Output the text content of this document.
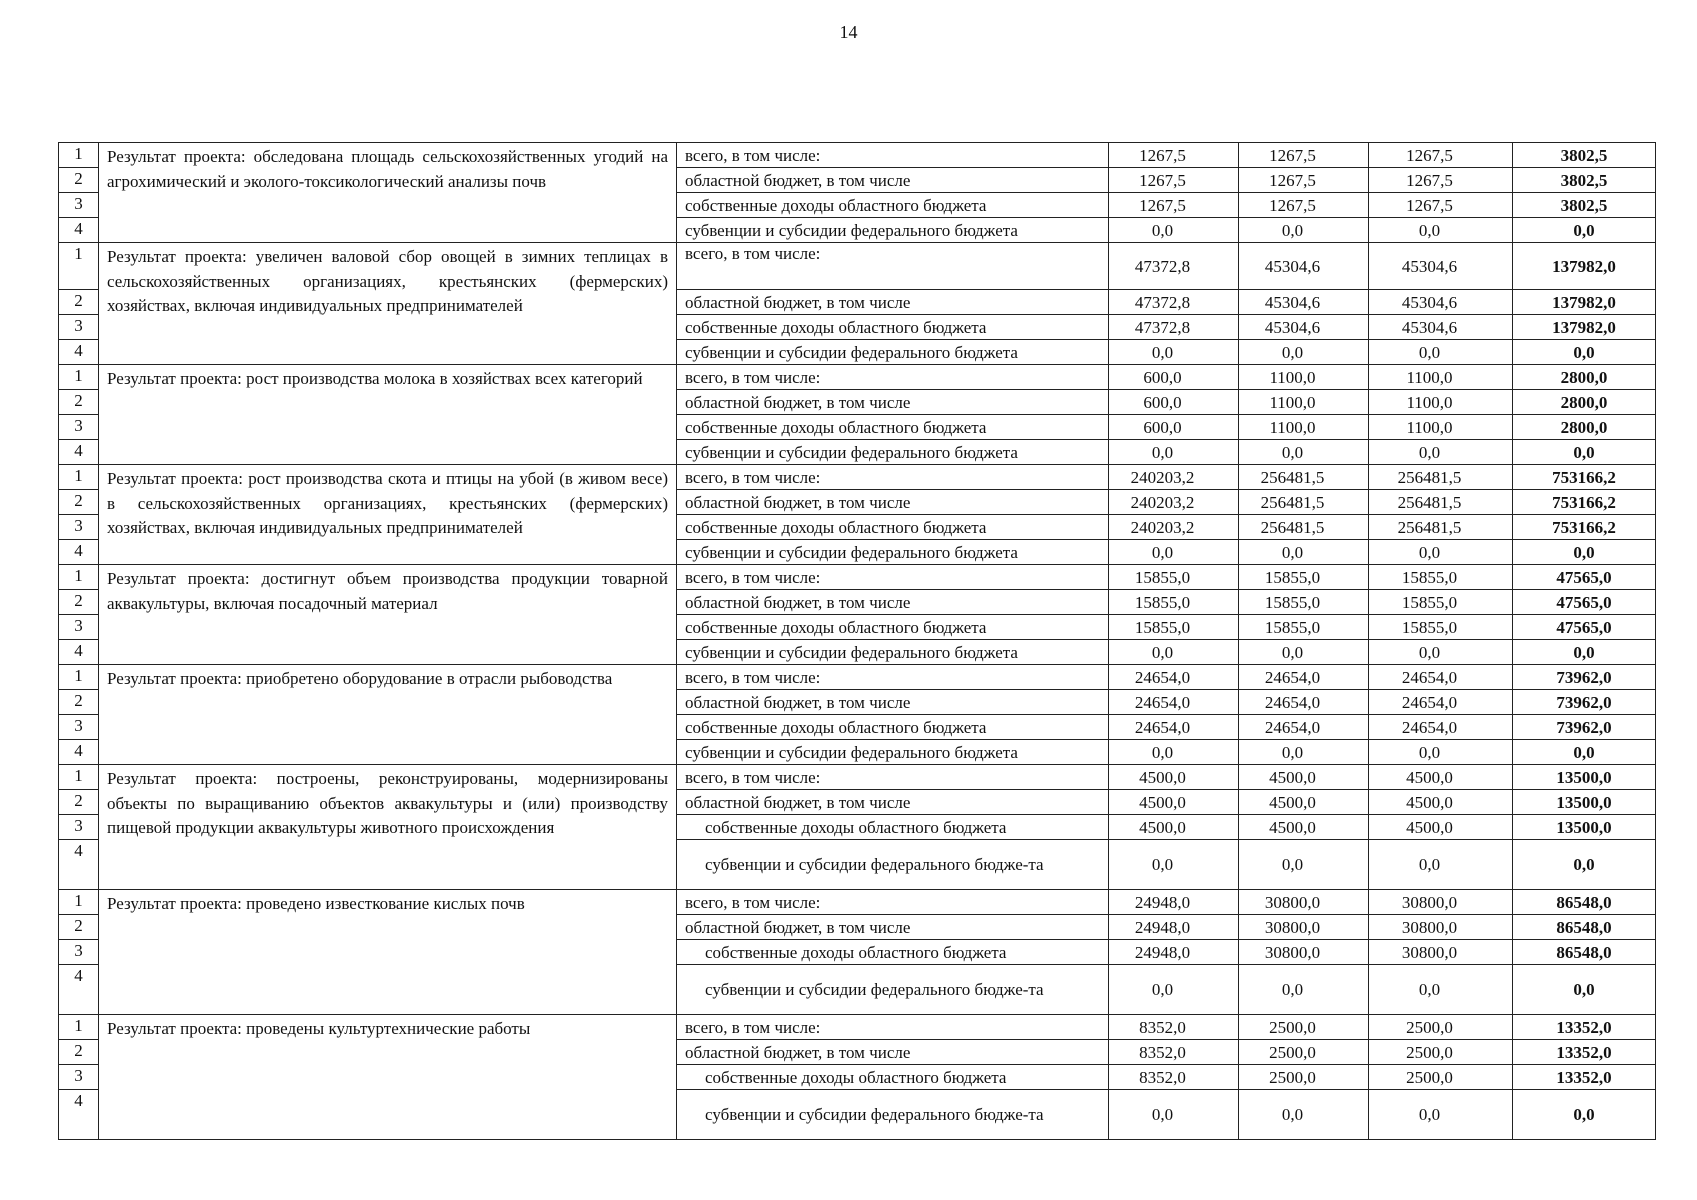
14
1	Результат проекта: обследована площадь сельскохозяйственных угодий на агрохимический и эколого-токсикологический анализы почв	всего, в том числе:	1267,5	1267,5	1267,5	3802,5
2		областной бюджет, в том числе	1267,5	1267,5	1267,5	3802,5
3		собственные доходы областного бюджета	1267,5	1267,5	1267,5	3802,5
4		субвенции и субсидии федерального бюджета	0,0	0,0	0,0	0,0
1	Результат проекта: увеличен валовой сбор овощей в зимних теплицах в сельскохозяйственных организациях, крестьянских (фермерских) хозяйствах, включая индивидуальных предпринимателей	всего, в том числе:	47372,8	45304,6	45304,6	137982,0
2		областной бюджет, в том числе	47372,8	45304,6	45304,6	137982,0
3		собственные доходы областного бюджета	47372,8	45304,6	45304,6	137982,0
4		субвенции и субсидии федерального бюджета	0,0	0,0	0,0	0,0
1	Результат проекта: рост производства молока в хозяйствах всех категорий	всего, в том числе:	600,0	1100,0	1100,0	2800,0
2		областной бюджет, в том числе	600,0	1100,0	1100,0	2800,0
3		собственные доходы областного бюджета	600,0	1100,0	1100,0	2800,0
4		субвенции и субсидии федерального бюджета	0,0	0,0	0,0	0,0
1	Результат проекта: рост производства скота и птицы на убой (в живом весе) в сельскохозяйственных организациях, крестьянских (фермерских) хозяйствах, включая индивидуальных предпринимателей	всего, в том числе:	240203,2	256481,5	256481,5	753166,2
2		областной бюджет, в том числе	240203,2	256481,5	256481,5	753166,2
3		собственные доходы областного бюджета	240203,2	256481,5	256481,5	753166,2
4		субвенции и субсидии федерального бюджета	0,0	0,0	0,0	0,0
1	Результат проекта: достигнут объем производства продукции товарной аквакультуры, включая посадочный материал	всего, в том числе:	15855,0	15855,0	15855,0	47565,0
2		областной бюджет, в том числе	15855,0	15855,0	15855,0	47565,0
3		собственные доходы областного бюджета	15855,0	15855,0	15855,0	47565,0
4		субвенции и субсидии федерального бюджета	0,0	0,0	0,0	0,0
1	Результат проекта: приобретено оборудование в отрасли рыбоводства	всего, в том числе:	24654,0	24654,0	24654,0	73962,0
2		областной бюджет, в том числе	24654,0	24654,0	24654,0	73962,0
3		собственные доходы областного бюджета	24654,0	24654,0	24654,0	73962,0
4		субвенции и субсидии федерального бюджета	0,0	0,0	0,0	0,0
1	Результат проекта: построены, реконструированы, модернизированы объекты по выращиванию объектов аквакультуры и (или) производству пищевой продукции аквакультуры животного происхождения	всего, в том числе:	4500,0	4500,0	4500,0	13500,0
2		областной бюджет, в том числе	4500,0	4500,0	4500,0	13500,0
3		собственные доходы областного бюджета	4500,0	4500,0	4500,0	13500,0
4		субвенции и субсидии федерального бюдже-та	0,0	0,0	0,0	0,0
1	Результат проекта: проведено известкование кислых почв	всего, в том числе:	24948,0	30800,0	30800,0	86548,0
2		областной бюджет, в том числе	24948,0	30800,0	30800,0	86548,0
3		собственные доходы областного бюджета	24948,0	30800,0	30800,0	86548,0
4		субвенции и субсидии федерального бюдже-та	0,0	0,0	0,0	0,0
1	Результат проекта: проведены культуртехнические работы	всего, в том числе:	8352,0	2500,0	2500,0	13352,0
2		областной бюджет, в том числе	8352,0	2500,0	2500,0	13352,0
3		собственные доходы областного бюджета	8352,0	2500,0	2500,0	13352,0
4		субвенции и субсидии федерального бюдже-та	0,0	0,0	0,0	0,0
